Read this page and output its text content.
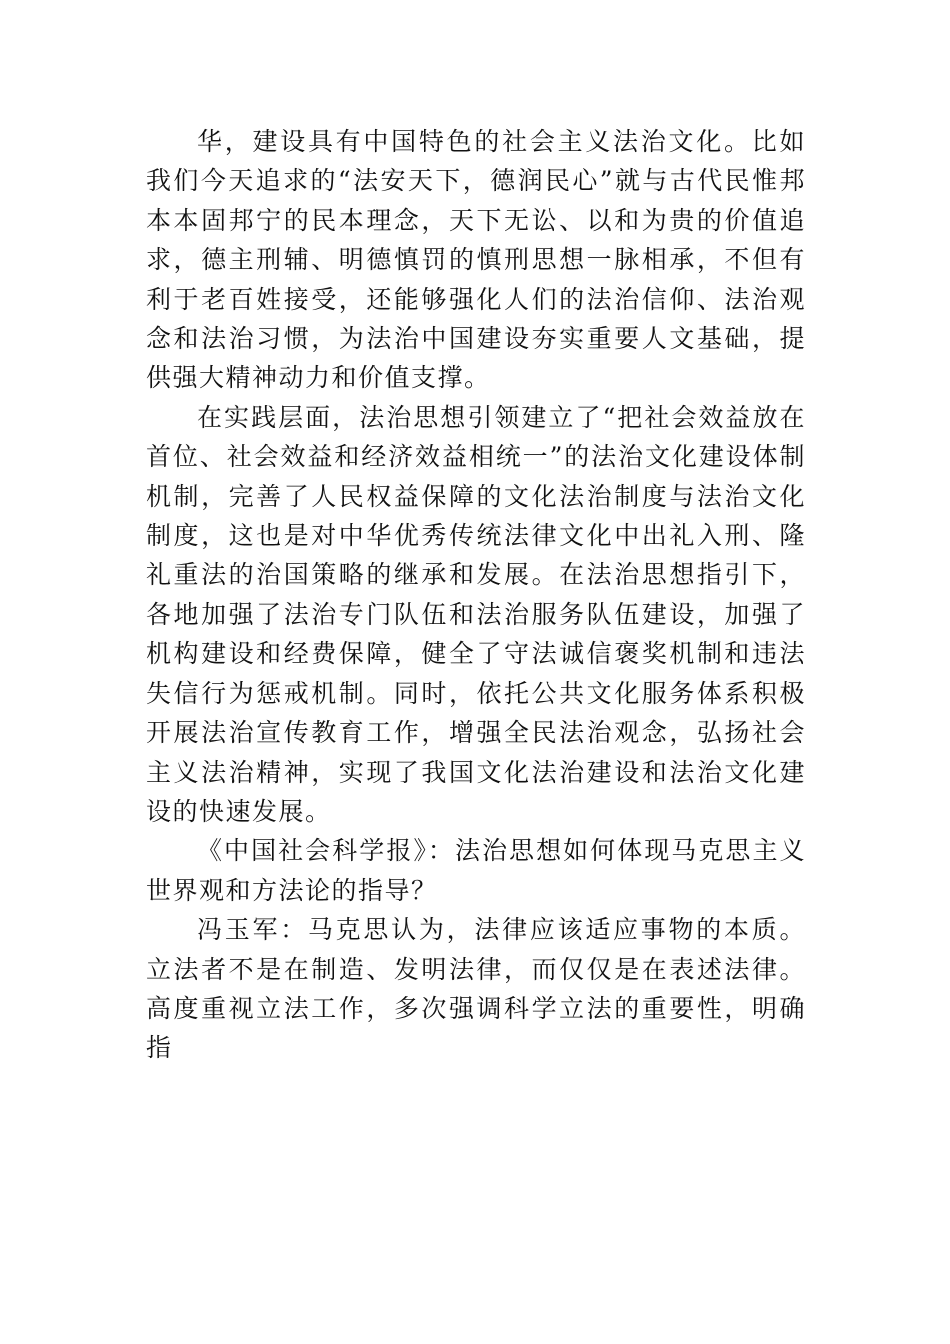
华，建设具有中国特色的社会主义法治文化。比如我们今天追求的“法安天下，德润民心”就与古代民惟邦本本固邦宁的民本理念，天下无讼、以和为贵的价值追求，德主刑辅、明德慎罚的慎刑思想一脉相承，不但有利于老百姓接受，还能够强化人们的法治信仰、法治观念和法治习惯，为法治中国建设夯实重要人文基础，提供强大精神动力和价值支撑。

在实践层面，法治思想引领建立了“把社会效益放在首位、社会效益和经济效益相统一”的法治文化建设体制机制，完善了人民权益保障的文化法治制度与法治文化制度，这也是对中华优秀传统法律文化中出礼入刑、隆礼重法的治国策略的继承和发展。在法治思想指引下，各地加强了法治专门队伍和法治服务队伍建设，加强了机构建设和经费保障，健全了守法诚信褒奖机制和违法失信行为惩戒机制。同时，依托公共文化服务体系积极开展法治宣传教育工作，增强全民法治观念，弘扬社会主义法治精神，实现了我国文化法治建设和法治文化建设的快速发展。

《中国社会科学报》：法治思想如何体现马克思主义世界观和方法论的指导？

冯玉军：马克思认为，法律应该适应事物的本质。立法者不是在制造、发明法律，而仅仅是在表述法律。高度重视立法工作，多次强调科学立法的重要性，明确指
